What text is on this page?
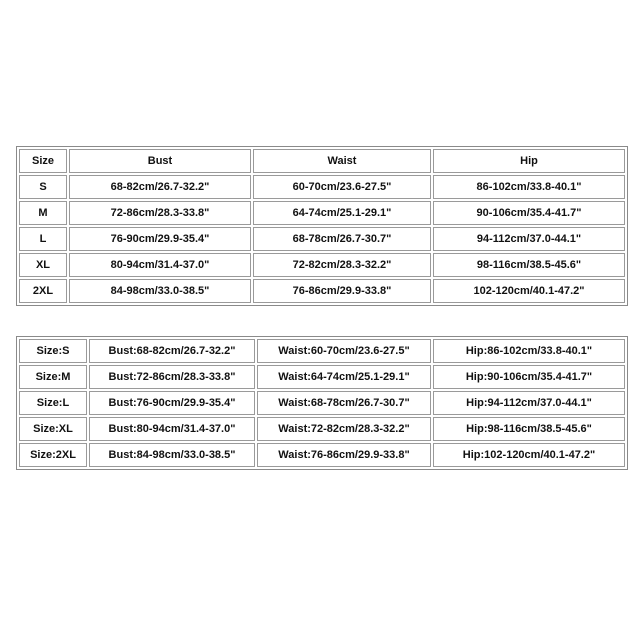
Size	Bust	Waist	Hip
S	68-82cm/26.7-32.2"	60-70cm/23.6-27.5"	86-102cm/33.8-40.1"
M	72-86cm/28.3-33.8"	64-74cm/25.1-29.1"	90-106cm/35.4-41.7"
L	76-90cm/29.9-35.4"	68-78cm/26.7-30.7"	94-112cm/37.0-44.1"
XL	80-94cm/31.4-37.0"	72-82cm/28.3-32.2"	98-116cm/38.5-45.6"
2XL	84-98cm/33.0-38.5"	76-86cm/29.9-33.8"	102-120cm/40.1-47.2"
Size:S	Bust:68-82cm/26.7-32.2"	Waist:60-70cm/23.6-27.5"	Hip:86-102cm/33.8-40.1"
Size:M	Bust:72-86cm/28.3-33.8"	Waist:64-74cm/25.1-29.1"	Hip:90-106cm/35.4-41.7"
Size:L	Bust:76-90cm/29.9-35.4"	Waist:68-78cm/26.7-30.7"	Hip:94-112cm/37.0-44.1"
Size:XL	Bust:80-94cm/31.4-37.0"	Waist:72-82cm/28.3-32.2"	Hip:98-116cm/38.5-45.6"
Size:2XL	Bust:84-98cm/33.0-38.5"	Waist:76-86cm/29.9-33.8"	Hip:102-120cm/40.1-47.2"
